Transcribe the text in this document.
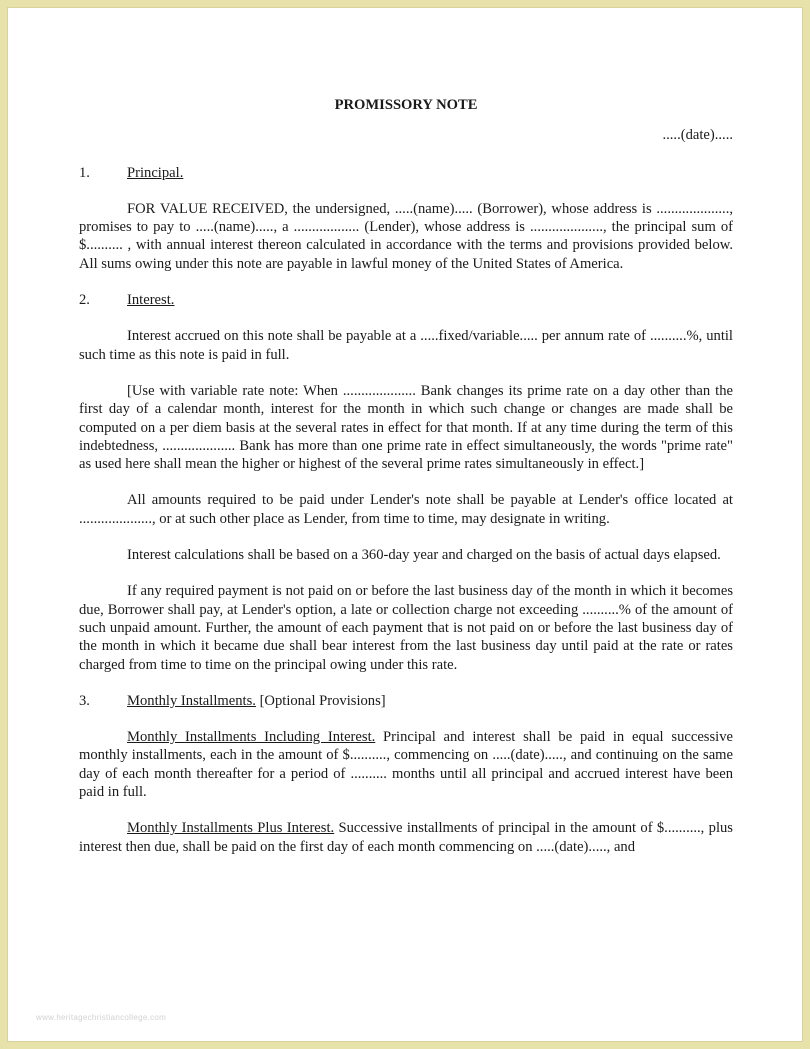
PROMISSORY NOTE
.....(date).....
1.	Principal.

FOR VALUE RECEIVED, the undersigned, .....(name)..... (Borrower), whose address is ...................., promises to pay to .....(name)....., a .................. (Lender), whose address is ...................., the principal sum of $.......... , with annual interest thereon calculated in accordance with the terms and provisions provided below. All sums owing under this note are payable in lawful money of the United States of America.

2.	Interest.

Interest accrued on this note shall be payable at a .....fixed/variable..... per annum rate of ..........%, until such time as this note is paid in full.

[Use with variable rate note: When .................... Bank changes its prime rate on a day other than the first day of a calendar month, interest for the month in which such change or changes are made shall be computed on a per diem basis at the several rates in effect for that month. If at any time during the term of this indebtedness, .................... Bank has more than one prime rate in effect simultaneously, the words "prime rate" as used here shall mean the higher or highest of the several prime rates simultaneously in effect.]

All amounts required to be paid under Lender's note shall be payable at Lender's office located at ...................., or at such other place as Lender, from time to time, may designate in writing.

Interest calculations shall be based on a 360-day year and charged on the basis of actual days elapsed.

If any required payment is not paid on or before the last business day of the month in which it becomes due, Borrower shall pay, at Lender's option, a late or collection charge not exceeding ..........% of the amount of such unpaid amount. Further, the amount of each payment that is not paid on or before the last business day of the month in which it became due shall bear interest from the last business day until paid at the rate or rates charged from time to time on the principal owing under this rate.

3.	Monthly Installments. [Optional Provisions]

Monthly Installments Including Interest. Principal and interest shall be paid in equal successive monthly installments, each in the amount of $.........., commencing on .....(date)....., and continuing on the same day of each month thereafter for a period of .......... months until all principal and accrued interest have been paid in full.

Monthly Installments Plus Interest. Successive installments of principal in the amount of $.........., plus interest then due, shall be paid on the first day of each month commencing on .....(date)....., and

www.heritagechristiancollege.com
